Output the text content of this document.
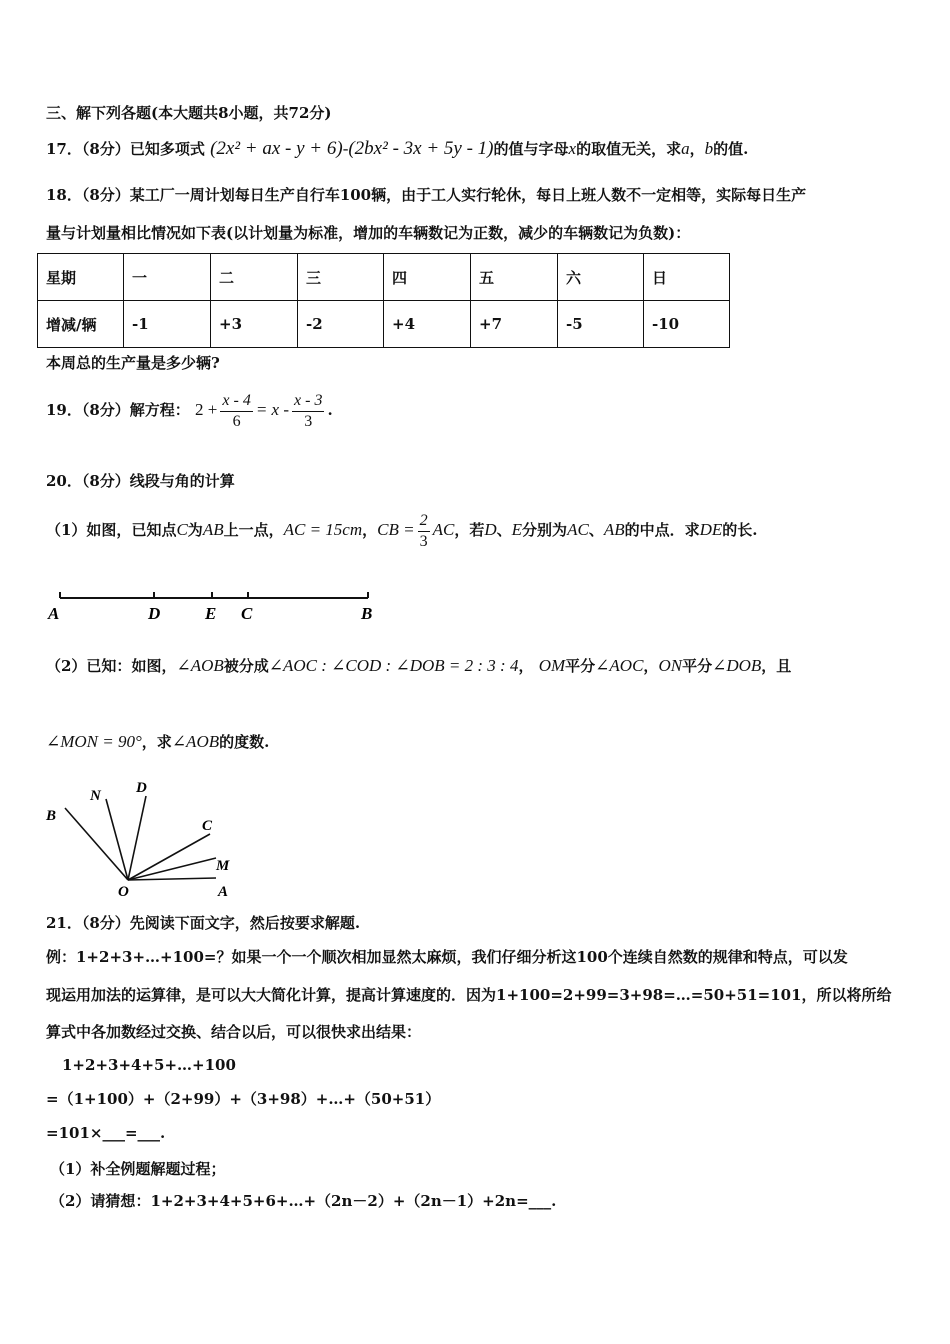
三、解下列各题(本大题共8小题，共72分)
17．（8分）已知多项式 (2x² + ax - y + 6)-(2bx² - 3x + 5y - 1)的值与字母x的取值无关，求a，b的值.
18．（8分）某工厂一周计划每日生产自行车100辆，由于工人实行轮休，每日上班人数不一定相等，实际每日生产
量与计划量相比情况如下表(以计划量为标准，增加的车辆数记为正数，减少的车辆数记为负数)：
星期	一	二	三	四	五	六	日
增减/辆	-1	+3	-2	+4	+7	-5	-10
本周总的生产量是多少辆?
19．（8分）解方程： $2 + \frac{x - 4}{6} = x - \frac{x - 3}{3}$ .
20．（8分）线段与角的计算
（1）如图，已知点C为AB上一点，AC = 15cm，CB = $\frac{2}{3}$ AC，若D、E分别为AC、AB的中点．求DE的长.
A	D	E C	B
（2）已知：如图，∠AOB被分成∠AOC : ∠COD : ∠DOB = 2 : 3 : 4， OM平分∠AOC，ON平分∠DOB，且
∠MON = 90°，求∠AOB的度数.
B
N D
C
M
O	A
21．（8分）先阅读下面文字，然后按要求解题.
例：1+2+3+…+100=？如果一个一个顺次相加显然太麻烦，我们仔细分析这100个连续自然数的规律和特点，可以发
现运用加法的运算律，是可以大大简化计算，提高计算速度的．因为1+100=2+99=3+98=…=50+51=101，所以将所给
算式中各加数经过交换、结合以后，可以很快求出结果：
1+2+3+4+5+…+100
=（1+100）+（2+99）+（3+98）+…+（50+51）
=101×___=___.
（1）补全例题解题过程；
（2）请猜想：1+2+3+4+5+6+…+（2n－2）+（2n－1）+2n=___.
